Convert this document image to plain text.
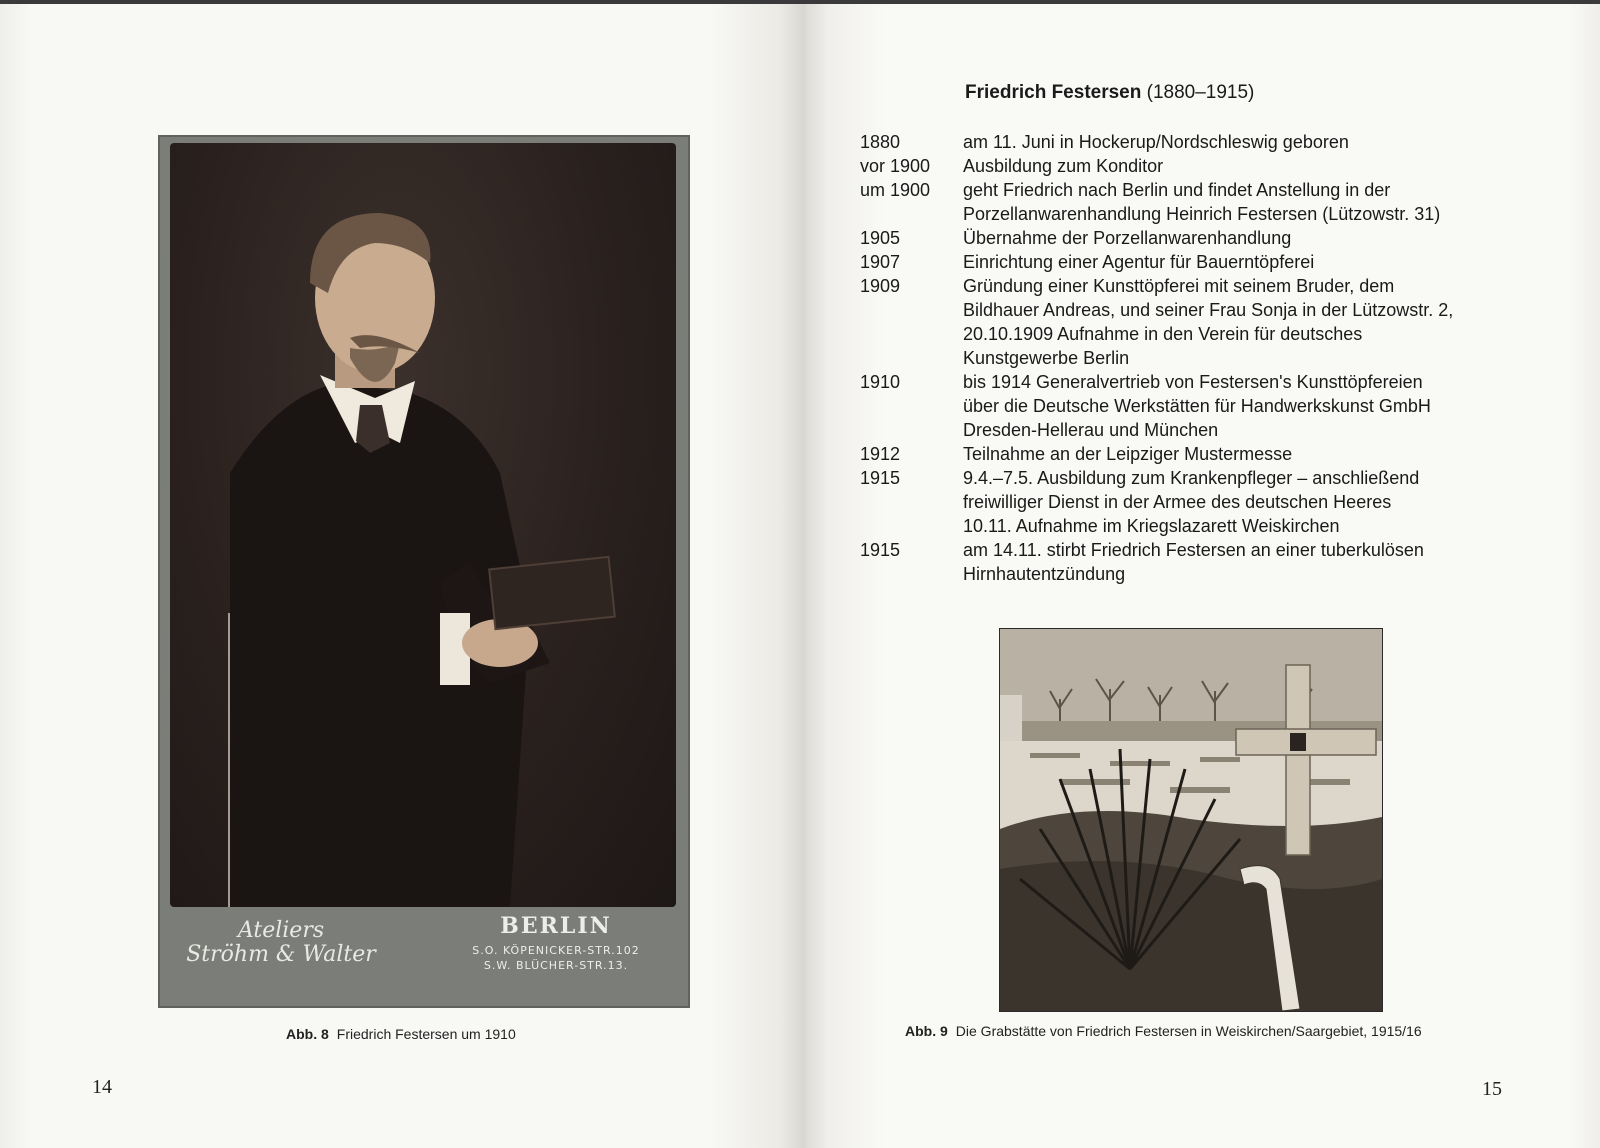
Ateliers
Ströhm & Walter
BERLIN
S.O. KÖPENICKER-STR.102
S.W. BLÜCHER-STR.13.
Abb. 8 Friedrich Festersen um 1910
14
Friedrich Festersen (1880–1915)
1880	am 11. Juni in Hockerup/Nordschleswig geboren
vor 1900	Ausbildung zum Konditor
um 1900	geht Friedrich nach Berlin und findet Anstellung in der
Porzellanwarenhandlung Heinrich Festersen (Lützowstr. 31)
1905	Übernahme der Porzellanwarenhandlung
1907	Einrichtung einer Agentur für Bauerntöpferei
1909	Gründung einer Kunsttöpferei mit seinem Bruder, dem
Bildhauer Andreas, und seiner Frau Sonja in der Lützowstr. 2,
20.10.1909 Aufnahme in den Verein für deutsches
Kunstgewerbe Berlin
1910	bis 1914 Generalvertrieb von Festersen's Kunsttöpfereien
über die Deutsche Werkstätten für Handwerkskunst GmbH
Dresden-Hellerau und München
1912	Teilnahme an der Leipziger Mustermesse
1915	9.4.–7.5. Ausbildung zum Krankenpfleger – anschließend
freiwilliger Dienst in der Armee des deutschen Heeres
10.11. Aufnahme im Kriegslazarett Weiskirchen
1915	am 14.11. stirbt Friedrich Festersen an einer tuberkulösen
Hirnhautentzündung
Abb. 9 Die Grabstätte von Friedrich Festersen in Weiskirchen/Saargebiet, 1915/16
15
